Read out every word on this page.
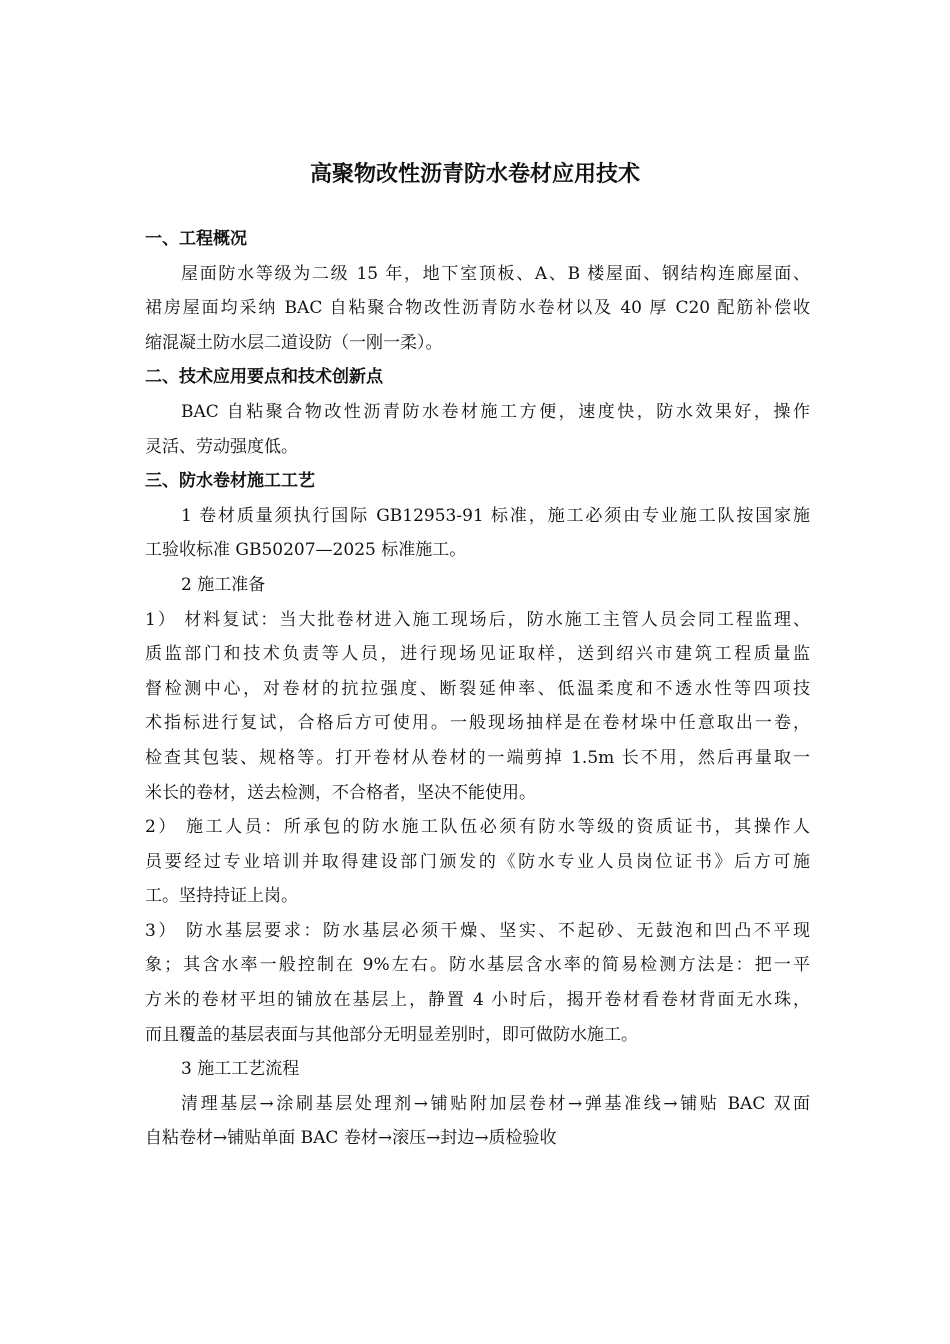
高聚物改性沥青防水卷材应用技术
一、工程概况
屋面防水等级为二级 15 年，地下室顶板、A、B 楼屋面、钢结构连廊屋面、
裙房屋面均采纳 BAC 自粘聚合物改性沥青防水卷材以及 40 厚 C20 配筋补偿收
缩混凝土防水层二道设防（一刚一柔）。
二、技术应用要点和技术创新点
BAC 自粘聚合物改性沥青防水卷材施工方便，速度快，防水效果好，操作
灵活、劳动强度低。
三、防水卷材施工工艺
1 卷材质量须执行国际 GB12953-91 标准，施工必须由专业施工队按国家施
工验收标准 GB50207—2025 标准施工。
2 施工准备
1） 材料复试：当大批卷材进入施工现场后，防水施工主管人员会同工程监理、
质监部门和技术负责等人员，进行现场见证取样，送到绍兴市建筑工程质量监
督检测中心，对卷材的抗拉强度、断裂延伸率、低温柔度和不透水性等四项技
术指标进行复试，合格后方可使用。一般现场抽样是在卷材垛中任意取出一卷，
检查其包装、规格等。打开卷材从卷材的一端剪掉 1.5m 长不用，然后再量取一
米长的卷材，送去检测，不合格者，坚决不能使用。
2） 施工人员：所承包的防水施工队伍必须有防水等级的资质证书，其操作人
员要经过专业培训并取得建设部门颁发的《防水专业人员岗位证书》后方可施
工。坚持持证上岗。
3） 防水基层要求：防水基层必须干燥、坚实、不起砂、无鼓泡和凹凸不平现
象；其含水率一般控制在 9%左右。防水基层含水率的简易检测方法是：把一平
方米的卷材平坦的铺放在基层上，静置 4 小时后，揭开卷材看卷材背面无水珠，
而且覆盖的基层表面与其他部分无明显差别时，即可做防水施工。
3 施工工艺流程
清理基层→涂刷基层处理剂→铺贴附加层卷材→弹基准线→铺贴 BAC 双面
自粘卷材→铺贴单面 BAC 卷材→滚压→封边→质检验收
